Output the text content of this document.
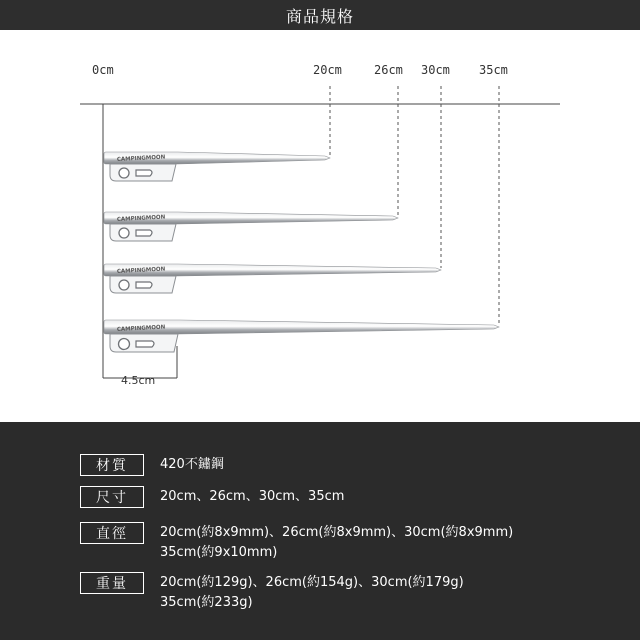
商品規格
0cm	20cm	26cm 30cm 35cm
CAMPINGMOON
CAMPINGMOON
CAMPINGMOON
CAMPINGMOON
4.5cm
材質	420不鏽鋼
尺寸	20cm、26cm、30cm、35cm
直徑	20cm(約8x9mm)、26cm(約8x9mm)、30cm(約8x9mm)
35cm(約9x10mm)
重量	20cm(約129g)、26cm(約154g)、30cm(約179g)
35cm(約233g)
